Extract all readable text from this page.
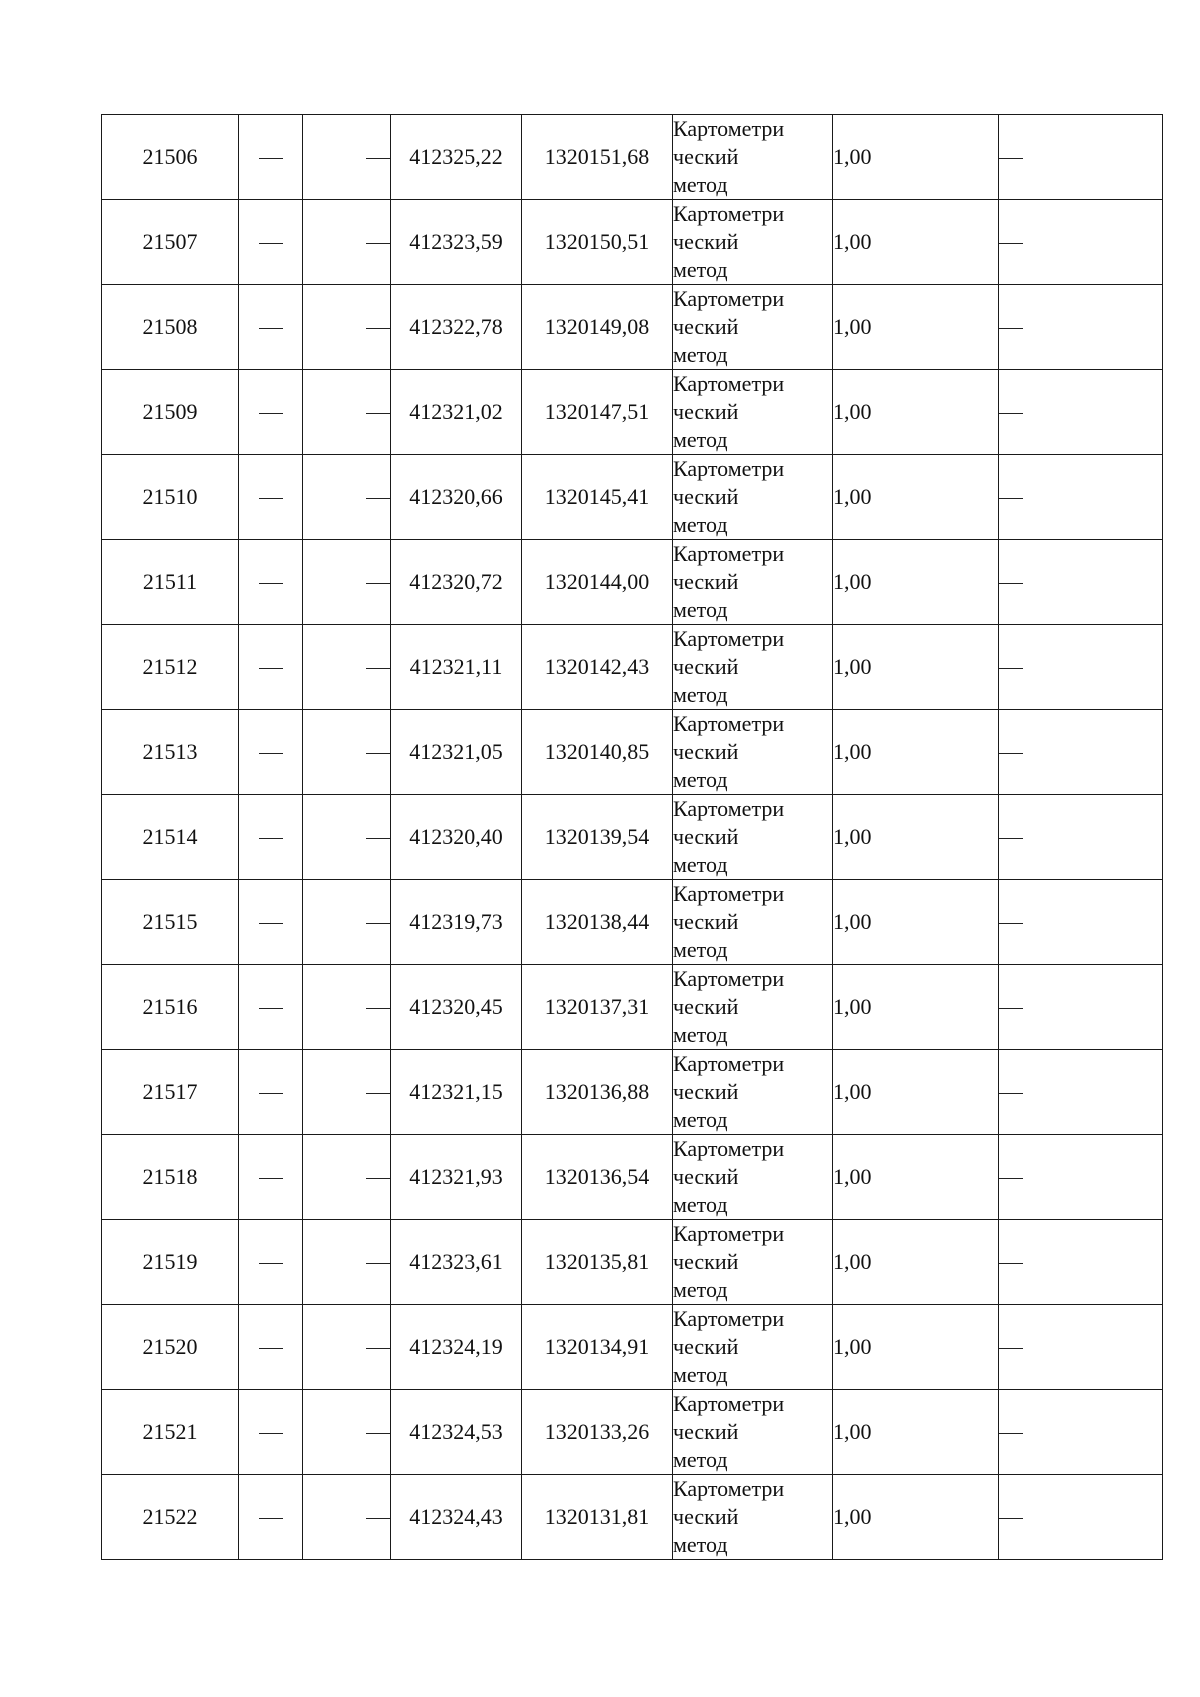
21506			412325,22	1320151,68	Картометри
ческий
метод	1,00	
21507			412323,59	1320150,51	Картометри
ческий
метод	1,00	
21508			412322,78	1320149,08	Картометри
ческий
метод	1,00	
21509			412321,02	1320147,51	Картометри
ческий
метод	1,00	
21510			412320,66	1320145,41	Картометри
ческий
метод	1,00	
21511			412320,72	1320144,00	Картометри
ческий
метод	1,00	
21512			412321,11	1320142,43	Картометри
ческий
метод	1,00	
21513			412321,05	1320140,85	Картометри
ческий
метод	1,00	
21514			412320,40	1320139,54	Картометри
ческий
метод	1,00	
21515			412319,73	1320138,44	Картометри
ческий
метод	1,00	
21516			412320,45	1320137,31	Картометри
ческий
метод	1,00	
21517			412321,15	1320136,88	Картометри
ческий
метод	1,00	
21518			412321,93	1320136,54	Картометри
ческий
метод	1,00	
21519			412323,61	1320135,81	Картометри
ческий
метод	1,00	
21520			412324,19	1320134,91	Картометри
ческий
метод	1,00	
21521			412324,53	1320133,26	Картометри
ческий
метод	1,00	
21522			412324,43	1320131,81	Картометри
ческий
метод	1,00	
